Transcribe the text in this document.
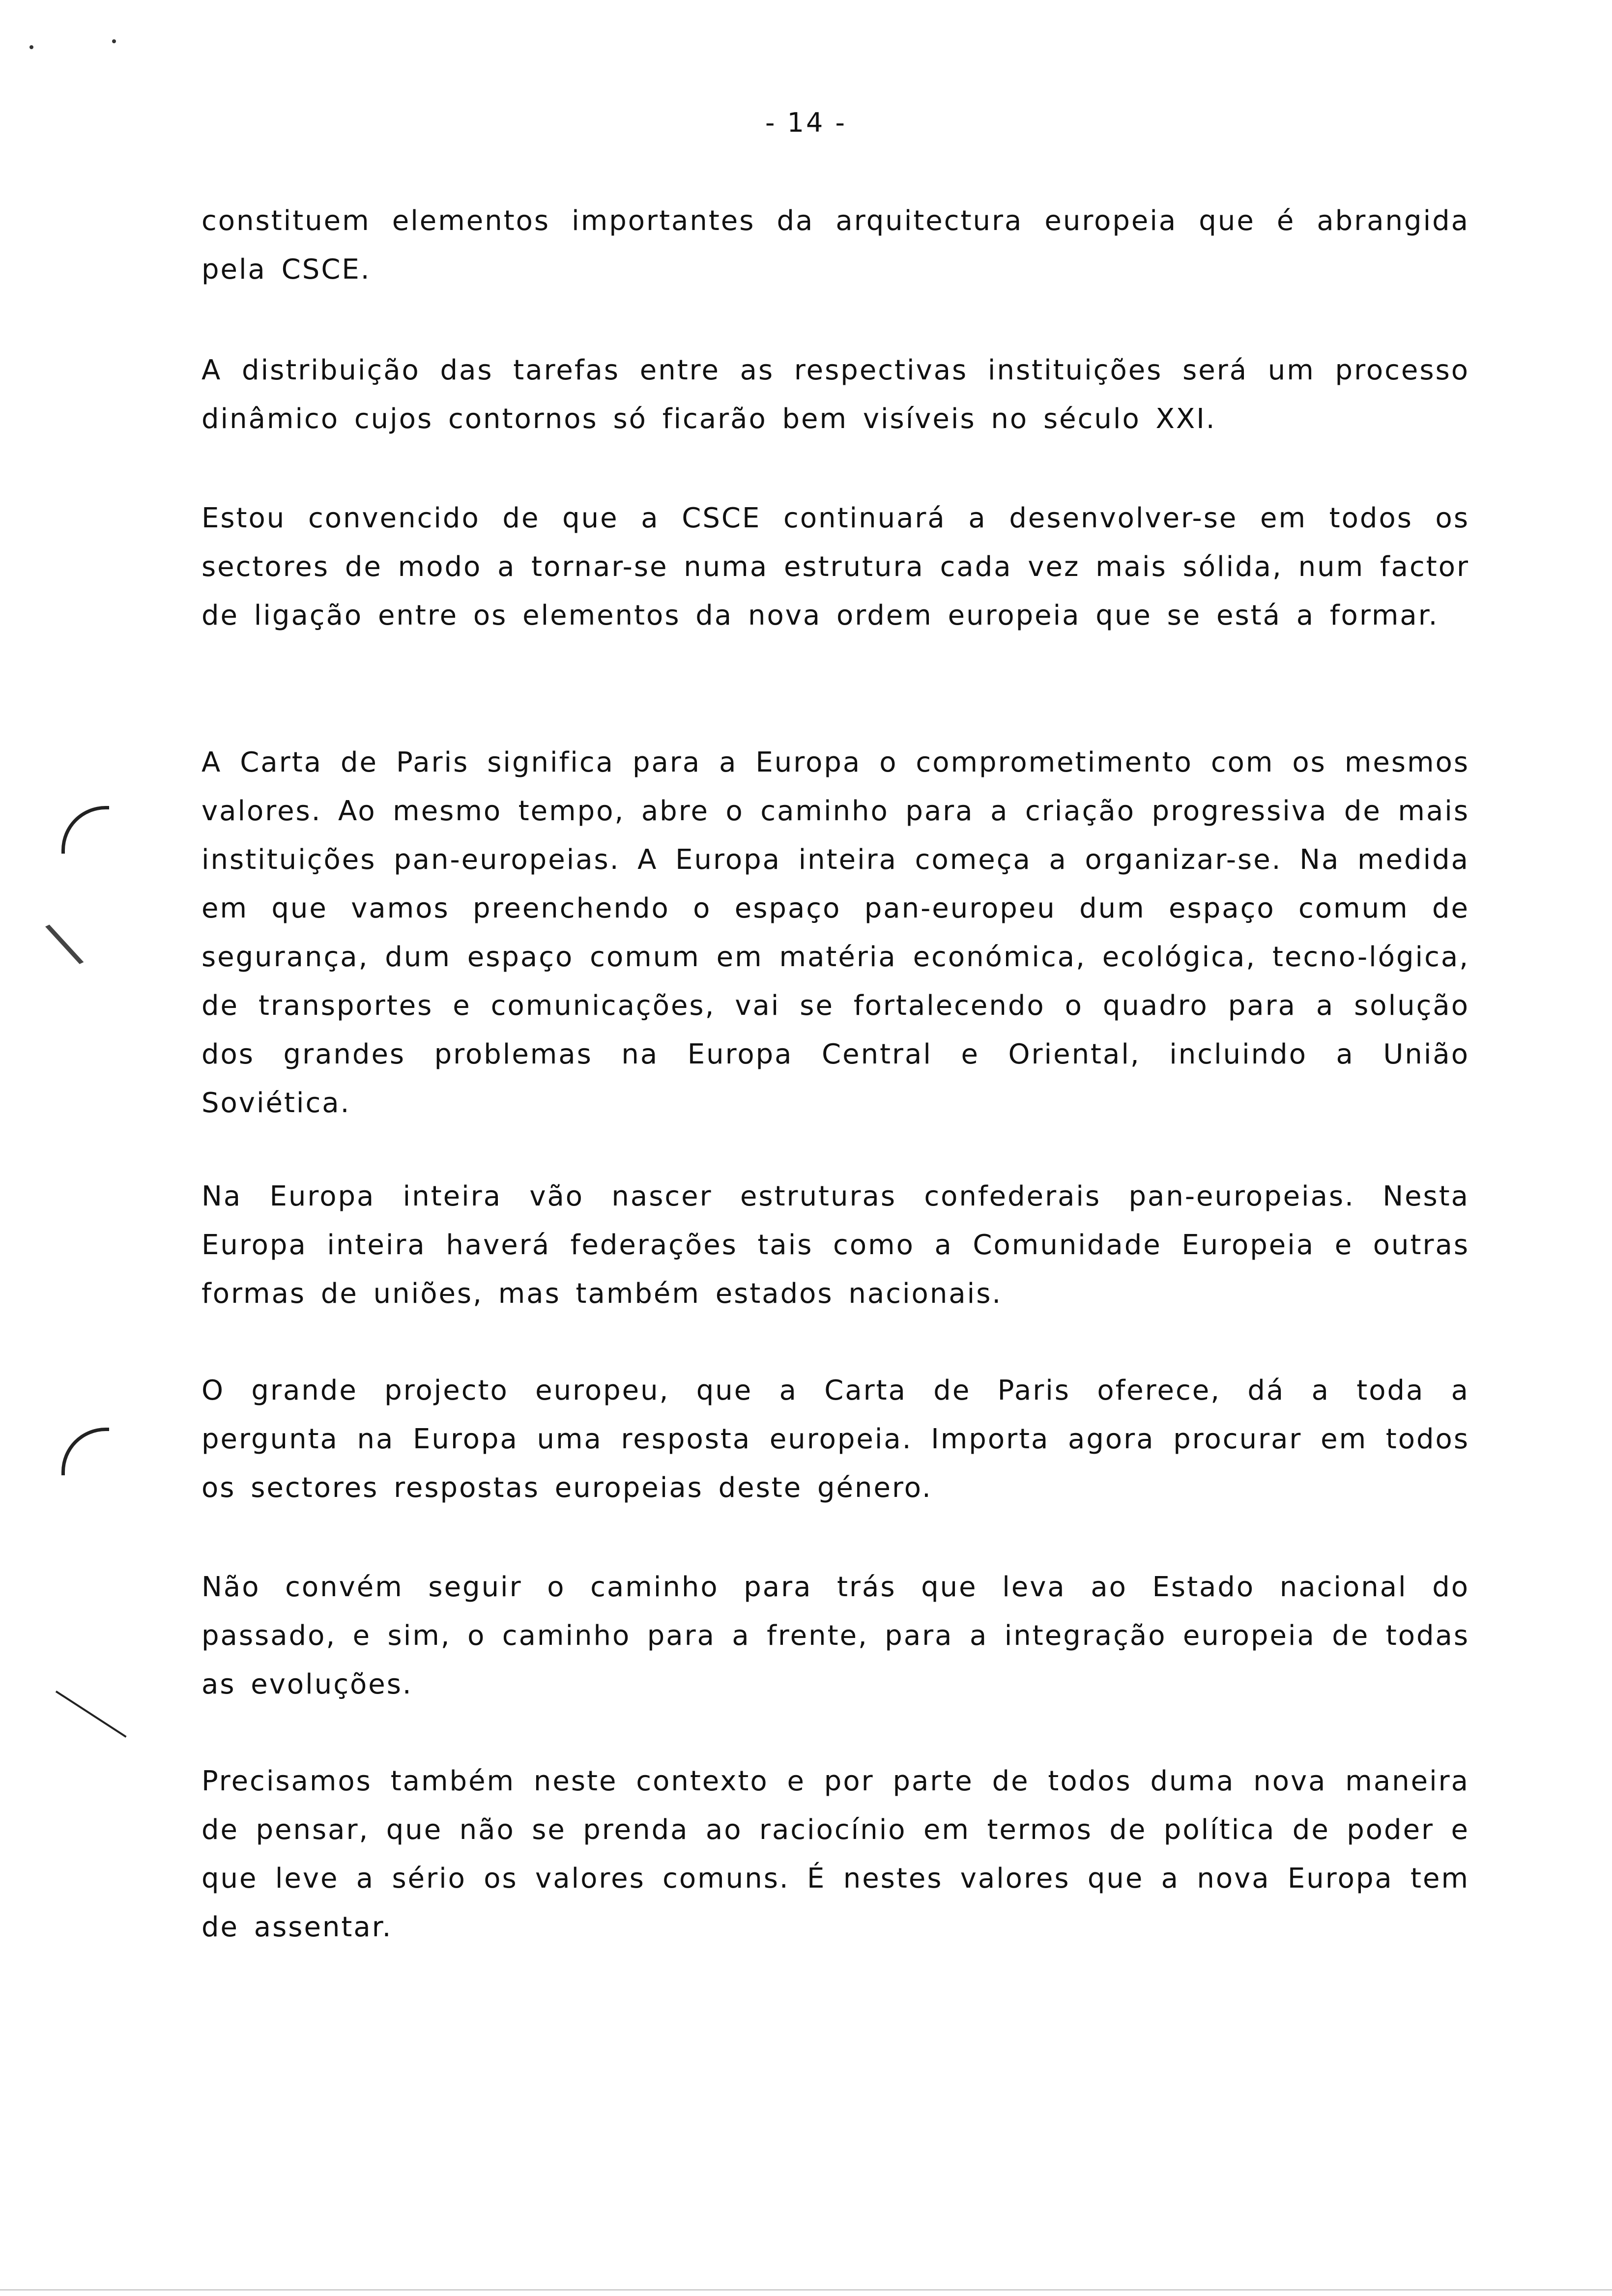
- 14 -

constituem elementos importantes da arquitectura europeia que é abrangida pela CSCE.

A distribuição das tarefas entre as respectivas instituições será um processo dinâmico cujos contornos só ficarão bem visíveis no século XXI.

Estou convencido de que a CSCE continuará a desenvolver-se em todos os sectores de modo a tornar-se numa estrutura cada vez mais sólida, num factor de ligação entre os elementos da nova ordem europeia que se está a formar.

A Carta de Paris significa para a Europa o comprometimento com os mesmos valores. Ao mesmo tempo, abre o caminho para a criação progressiva de mais instituições pan-europeias. A Europa inteira começa a organizar-se. Na medida em que vamos preenchendo o espaço pan-europeu dum espaço comum de segurança, dum espaço comum em matéria económica, ecológica, tecno-lógica, de transportes e comunicações, vai se fortalecendo o quadro para a solução dos grandes problemas na Europa Central e Oriental, incluindo a União Soviética.

Na Europa inteira vão nascer estruturas confederais pan-europeias. Nesta Europa inteira haverá federações tais como a Comunidade Europeia e outras formas de uniões, mas também estados nacionais.

O grande projecto europeu, que a Carta de Paris oferece, dá a toda a pergunta na Europa uma resposta europeia. Importa agora procurar em todos os sectores respostas europeias deste género.

Não convém seguir o caminho para trás que leva ao Estado nacional do passado, e sim, o caminho para a frente, para a integração europeia de todas as evoluções.

Precisamos também neste contexto e por parte de todos duma nova maneira de pensar, que não se prenda ao raciocínio em termos de política de poder e que leve a sério os valores comuns. É nestes valores que a nova Europa tem de assentar.

\
